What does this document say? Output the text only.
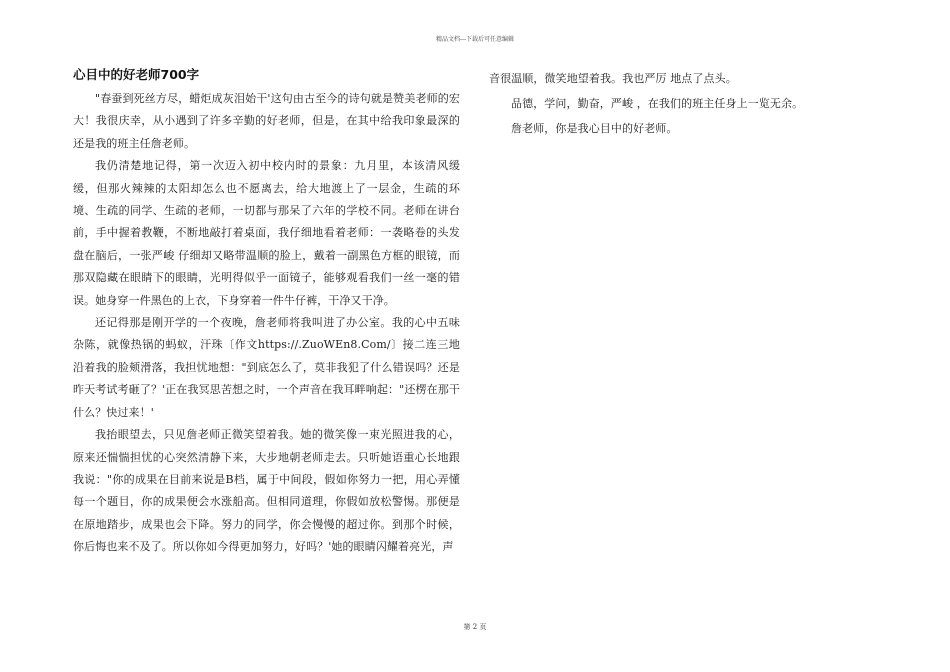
精品文档---下载后可任意编辑
心目中的好老师700字

"春蚕到死丝方尽，蜡炬成灰泪始干'这句由古至今的诗句就是赞美老师的宏大！我很庆幸，从小遇到了许多辛勤的好老师，但是，在其中给我印象最深的还是我的班主任詹老师。

我仍清楚地记得，第一次迈入初中校内时的景象：九月里，本该清风缓缓，但那火辣辣的太阳却怎么也不愿离去，给大地渡上了一层金，生疏的环境、生疏的同学、生疏的老师，一切都与那呆了六年的学校不同。老师在讲台前，手中握着教鞭，不断地敲打着桌面，我仔细地看着老师：一袭略卷的头发盘在脑后，一张严峻 仔细却又略带温顺的脸上，戴着一副黑色方框的眼镜，而那双隐藏在眼睛下的眼睛，光明得似乎一面镜子，能够观看我们一丝一毫的错误。她身穿一件黑色的上衣，下身穿着一件牛仔裤，干净又干净。

还记得那是刚开学的一个夜晚，詹老师将我叫进了办公室。我的心中五味杂陈，就像热锅的蚂蚁，汗珠〔作文https://.ZuoWEn8.Com/〕接二连三地沿着我的脸颊滑落，我担忧地想："到底怎么了，莫非我犯了什么错误吗？还是昨天考试考砸了？'正在我冥思苦想之时，一个声音在我耳畔响起："还楞在那干什么？快过来！'

我抬眼望去，只见詹老师正微笑望着我。她的微笑像一束光照进我的心，原来还惴惴担忧的心突然清静下来，大步地朝老师走去。只听她语重心长地跟我说："你的成果在目前来说是B档，属于中间段，假如你努力一把，用心弄懂每一个题目，你的成果便会水涨船高。但相同道理，你假如放松警惕。那便是在原地踏步，成果也会下降。努力的同学，你会慢慢的超过你。到那个时候，你后悔也来不及了。所以你如今得更加努力，好吗？'她的眼睛闪耀着亮光，声

音很温顺，微笑地望着我。我也严厉 地点了点头。

品德，学问，勤奋，严峻 ，在我们的班主任身上一览无余。

詹老师，你是我心目中的好老师。

第 2 页
